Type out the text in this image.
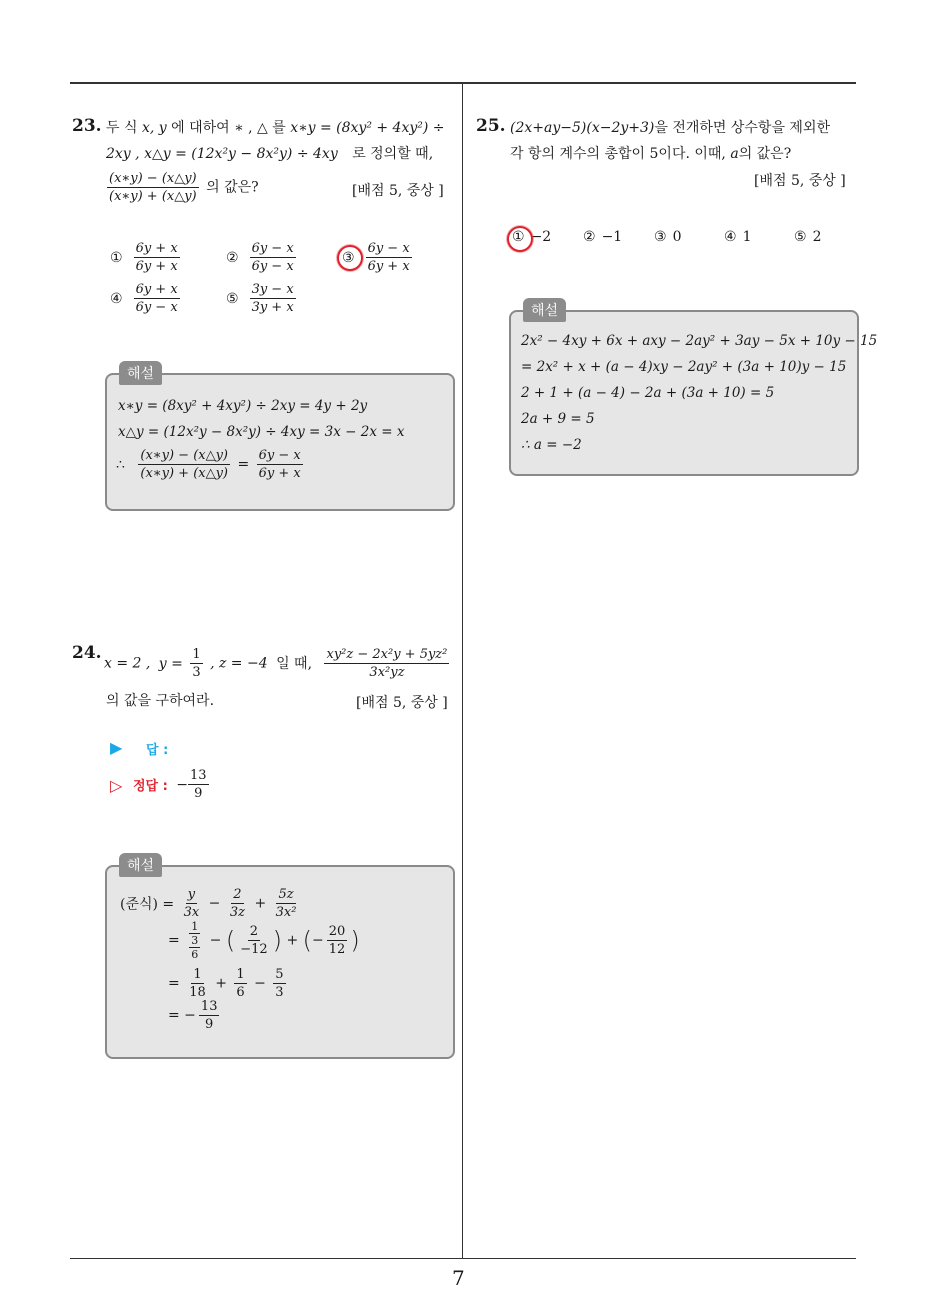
7
23. 두 식 x, y 에 대하여 ∗ , △ 를 x∗y = (8xy² + 4xy²) ÷
2xy , x△y = (12x²y − 8x²y) ÷ 4xy 로 정의할 때,
$\frac{(x∗y) - (x\triangle y)}{(x∗y) + (x\triangle y)}$ 의 값은?	[배점 5, 중상 ]
① $\frac{6y + x}{6y + x}$	② $\frac{6y - x}{6y - x}$	③ $\frac{6y - x}{6y + x}$
④ $\frac{6y + x}{6y - x}$	⑤ $\frac{3y - x}{3y + x}$
해설
x∗y = (8xy² + 4xy²) ÷ 2xy = 4y + 2y
x△y = (12x²y − 8x²y) ÷ 4xy = 3x − 2x = x
∴ $\frac{(x∗y) - (x\triangle y)}{(x∗y) + (x\triangle y)} = \frac{6y - x}{6y + x}$
24.
x = 2 , $y = \frac{1}{3}$ , z = −4 일 때, $\frac{\text{xy²z − 2x²y + 5yz²}}{\text{3x²yz}}$
의 값을 구하여라.	[배점 5, 중상 ]
▶ 답 :
▷ 정답 : − $\frac{13}{9}$
해설
(준식) = $\frac{y}{3x} - \frac{2}{3z} + \frac{5z}{\text{3x²}}$
=
1
3
6
− ( $\frac{2}{-12}$ ) + (− $\frac{20}{12}$ )
= $\frac{1}{18} + \frac{1}{6} - \frac{5}{3}$
= − $\frac{13}{9}$
25. (2x+ay−5)(x−2y+3)을 전개하면 상수항을 제외한
각 항의 계수의 총합이 5이다. 이때, a의 값은?
[배점 5, 중상 ]
① −2 ② −1 ③ 0	④ 1	⑤ 2
해설
2x² − 4xy + 6x + axy − 2ay² + 3ay − 5x + 10y − 15
= 2x² + x + (a − 4)xy − 2ay² + (3a + 10)y − 15
2 + 1 + (a − 4) − 2a + (3a + 10) = 5
2a + 9 = 5
∴ a = −2
